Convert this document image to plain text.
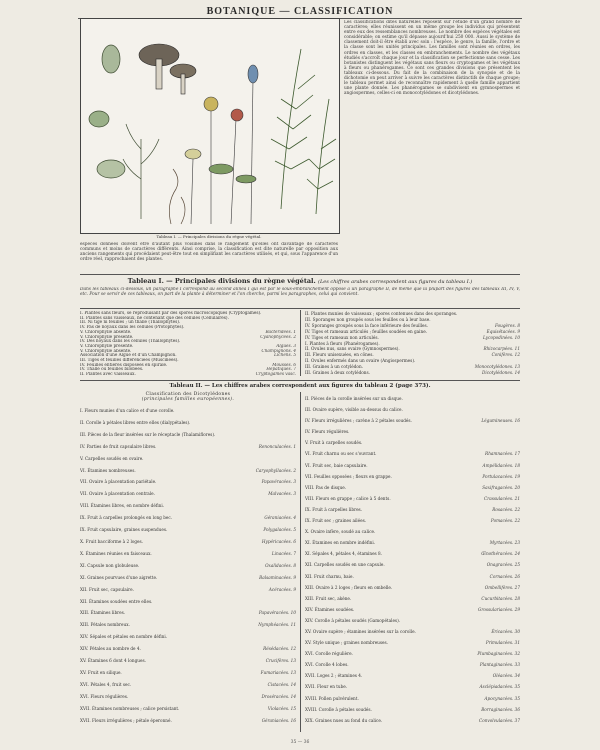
BOTANIQUE — CLASSIFICATION
Tableau I. — Principales divisions du règne végétal.
espèces données doivent être d'autant plus voisines dans le rangement qu'elles ont davantage de caractères communs et moins de caractères différents. Ainsi comprise, la classification est dite naturelle par opposition aux anciens rangements qui procédaient peut-être tout en simplifiant les caractères utilisés, et qui, sous l'apparence d'un ordre réel, rapprochaient des plantes.
Les classifications dites naturelles reposent sur l'étude d'un grand nombre de caractères; elles réunissent en un même groupe les individus qui présentent entre eux des ressemblances nombreuses. Le nombre des espèces végétales est considérable; on estime qu'il dépasse aujourd'hui 250 000. Aussi le système de classement doit-il être établi avec soin : l'espèce, le genre, la famille, l'ordre et la classe sont les unités principales. Les familles sont réunies en ordres, les ordres en classes, et les classes en embranchements. Le nombre des végétaux étudiés s'accroît chaque jour et la classification se perfectionne sans cesse. Les botanistes distinguent les végétaux sans fleurs ou cryptogames et les végétaux à fleurs ou phanérogames. Ce sont ces grandes divisions que présentent les tableaux ci-dessous. Du fait de la combinaison de la synopsie et de la dichotomie on peut arriver à suivre les caractères distinctifs de chaque groupe; le tableau permet ainsi de reconnaître rapidement à quelle famille appartient une plante donnée. Les phanérogames se subdivisent en gymnospermes et angiospermes, celles-ci en monocotylédones et dicotylédones.
Tableau I. — Principales divisions du règne végétal. (Les chiffres arabes correspondent aux figures du tableau I.)
Dans les tableaux ci-dessous, un paragraphe I correspond au second alinéa I qui est par le sous-embranchement opposé à un paragraphe II, de même que la plupart des figures des tableaux III, IV, V, etc. Pour se servir de ces tableaux, on part de la plante à déterminer et l'on cherche, parmi les paragraphes, celui qui convient.
I. Plantes sans fleurs, se reproduisant par des spores microscopiques (Cryptogames).
II. Plantes sans vaisseaux, ne contenant que des cellules (Cellulaires).
III. Ni tige ni feuilles ; un thalle (Thallophytes).
IV. Pas de noyaux dans les cellules (Protophytes).
V. Chlorophylle absente.	Bactéridées. 1
V. Chlorophylle présente.	Cyanophycées. 2
IV. Des noyaux dans les cellules (Thallophytes).
V. Chlorophylle présente.	Algues. 3
V. Chlorophylle absente.	Champignons. 4
Association d'une Algue et d'un Champignon.	Lichens. 5
III. Tiges et feuilles différenciées (Muscinées).
IV. Feuilles entières disposées en spirale.	Mousses. 6
IV. Thalle ou feuilles bilobées.	Hépatiques. 7
II. Plantes avec vaisseaux.	Cryptogames vasc.
II. Plantes munies de vaisseaux ; spores contenues dans des sporanges.
III. Sporanges non groupés sous les feuilles ou à leur base.
IV. Sporanges groupés sous la face inférieure des feuilles.	Fougères. 8
IV. Tiges et rameaux articulés ; feuilles soudées en gaine.	Équisétacées. 9
IV. Tiges et rameaux non articulés.	Lycopodinées. 10
I. Plantes à fleurs (Phanérogames).
II. Ovules nus, sans ovaire (Gymnospermes).	Rhizocarpées. 11
III. Fleurs unisexuées, en cônes.	Conifères. 12
II. Ovules enfermés dans un ovaire (Angiospermes).
III. Graines à un cotylédon.	Monocotylédones. 13
III. Graines à deux cotylédons.	Dicotylédones. 14
Tableau II. — Les chiffres arabes correspondent aux figures du tableau 2 (page 373).
Classification des Dicotylédones
(principales familles européennes).
I. Fleurs munies d'un calice et d'une corolle.
II. Corolle à pétales libres entre elles (dialypétales).
III. Pièces de la fleur insérées sur le réceptacle (Thalamiflores).
IV. Parties de fruit capsulaire libres.	Renonculacées. 1
V. Carpelles soudés en ovaire.
VI. Étamines nombreuses.	Caryophyllacées. 2
VII. Ovaire à placentation pariétale.	Papavéracées. 3
VII. Ovaire à placentation centrale.	Malvacées. 3
VIII. Étamines libres, en nombre défini.
IX. Fruit à carpelles prolongés en long bec.	Géraniacées. 4
IX. Fruit capsulaire, graines suspendues.	Polygalacées. 5
X. Fruit bacciforme à 2 loges.	Hypéricacées. 6
X. Étamines réunies en faisceaux.	Linacées. 7
XI. Capsule non globuleuse.	Oxalidacées. 8
XI. Graines pourvues d'une aigrette.	Balsaminacées. 9
XII. Fruit sec, capsulaire.	Acéracées. 9
XII. Étamines soudées entre elles.
XIII. Étamines libres.	Papavéracées. 10
XIII. Pétales nombreux.	Nymphéacées. 11
XIV. Sépales et pétales en nombre défini.
XIV. Pétales au nombre de 4.	Résédacées. 12
XV. Étamines 6 dont 4 longues.	Crucifères. 13
XV. Fruit en silique.	Fumariacées. 13
XVI. Pétales 4, fruit sec.	Cistacées. 14
XVI. Fleurs régulières.	Droséracées. 14
XVII. Étamines nombreuses ; calice persistant.	Violacées. 15
XVII. Fleurs irrégulières ; pétale éperonné.	Géraniacées. 16
II. Pièces de la corolle insérées sur un disque.
III. Ovaire supère, visible au-dessus du calice.
IV. Fleurs irrégulières ; carène à 2 pétales soudés.	Légumineuses. 16
IV. Fleurs régulières.
V. Fruit à carpelles soudés.
VI. Fruit charnu ou sec s'ouvrant.	Rhamnacées. 17
VI. Fruit sec, baie capsulaire.	Ampélidacées. 18
VII. Feuilles opposées ; fleurs en grappe.	Portulacacées. 19
VIII. Pas de disque.	Saxifragacées. 20
VIII. Fleurs en grappe ; calice à 5 dents.	Crassulacées. 21
IX. Fruit à carpelles libres.	Rosacées. 22
IX. Fruit sec ; graines ailées.	Pomacées. 22
X. Ovaire infère, soudé au calice.
XI. Étamines en nombre indéfini.	Myrtacées. 23
XI. Sépales 4, pétales 4, étamines 8.	Œnothéracées. 24
XII. Carpelles soudés en une capsule.	Onagracées. 25
XII. Fruit charnu, baie.	Cornacées. 26
XIII. Ovaire à 2 loges ; fleurs en ombelle.	Ombellifères. 27
XIII. Fruit sec, akène.	Cucurbitacées. 28
XIV. Étamines soudées.	Grossulariacées. 29
XIV. Corolle à pétales soudés (Gamopétales).
XV. Ovaire supère ; étamines insérées sur la corolle.	Éricacées. 30
XV. Style unique ; graines nombreuses.	Primulacées. 31
XVI. Corolle régulière.	Plumbaginacées. 32
XVI. Corolle 4 lobes.	Plantaginacées. 33
XVII. Loges 2 ; étamines 4.	Oléacées. 34
XVII. Fleur en tube.	Asclépiadacées. 35
XVIII. Pollen pulvérulent.	Apocynacées. 35
XVIII. Corolle à pétales soudés.	Borraginacées. 36
XIX. Graines nues au fond du calice.	Convolvulacées. 37
35 — 36
